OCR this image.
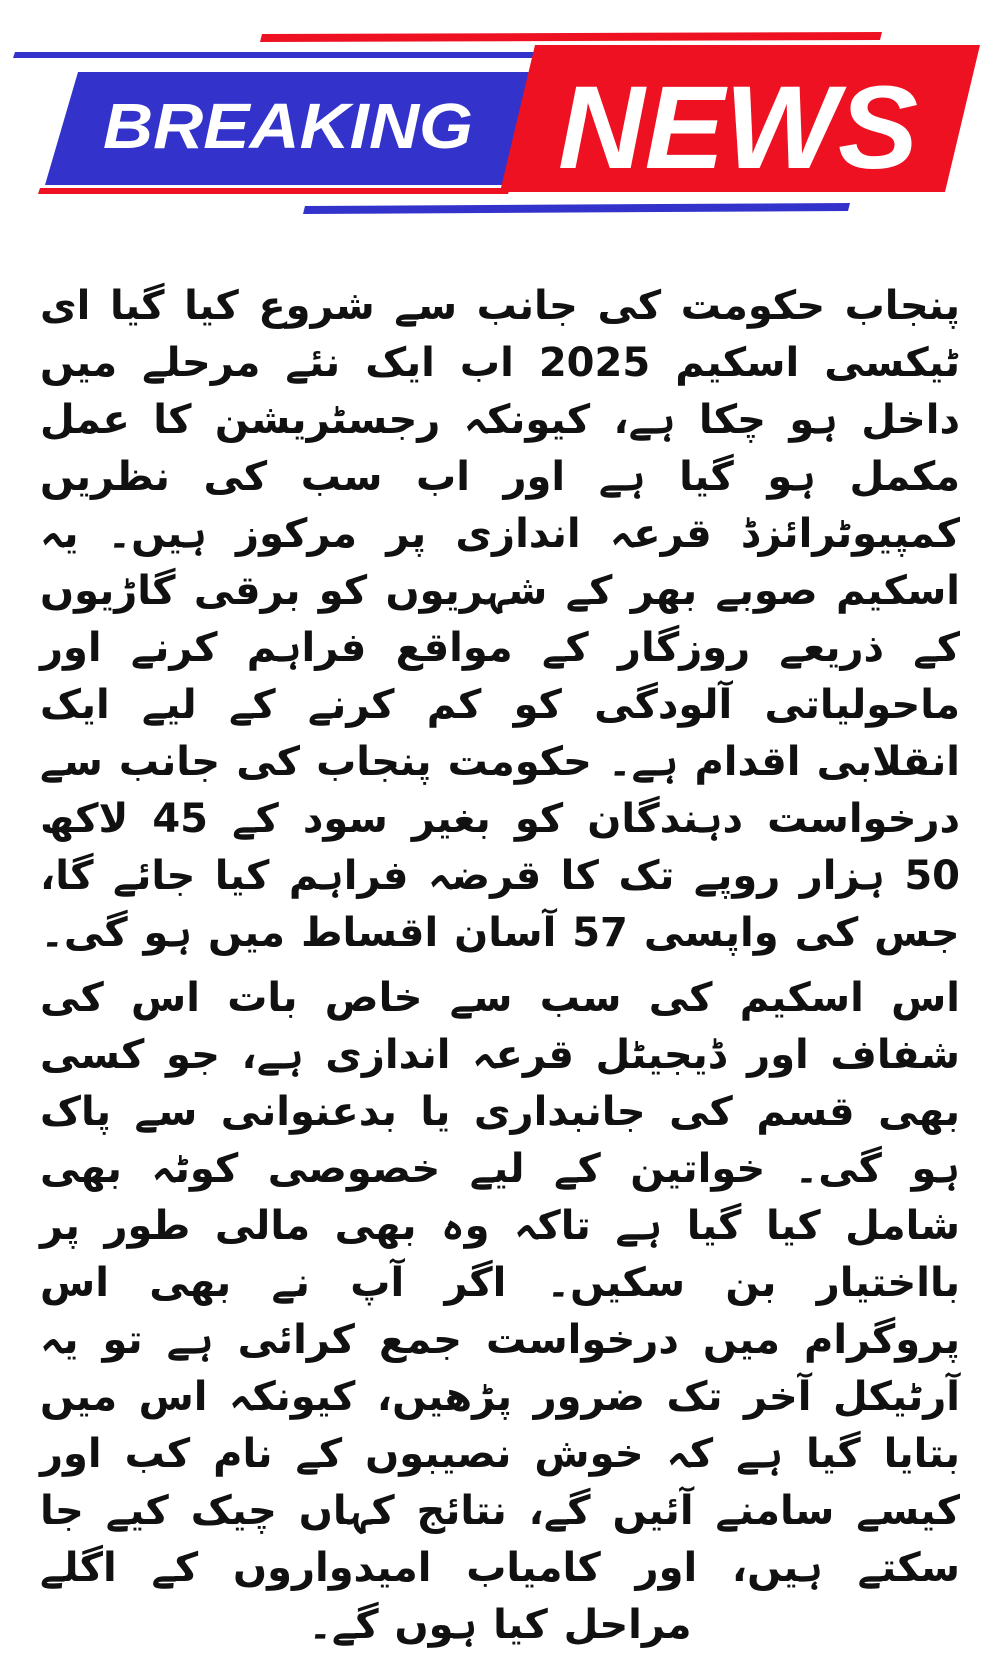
BREAKING NEWS

پنجاب حکومت کی جانب سے شروع کیا گیا ای ٹیکسی اسکیم 2025 اب ایک نئے مرحلے میں داخل ہو چکا ہے، کیونکہ رجسٹریشن کا عمل مکمل ہو گیا ہے اور اب سب کی نظریں کمپیوٹرائزڈ قرعہ اندازی پر مرکوز ہیں۔ یہ اسکیم صوبے بھر کے شہریوں کو برقی گاڑیوں کے ذریعے روزگار کے مواقع فراہم کرنے اور ماحولیاتی آلودگی کو کم کرنے کے لیے ایک انقلابی اقدام ہے۔ حکومت پنجاب کی جانب سے درخواست دہندگان کو بغیر سود کے 45 لاکھ 50 ہزار روپے تک کا قرضہ فراہم کیا جائے گا، جس کی واپسی 57 آسان اقساط میں ہو گی۔

اس اسکیم کی سب سے خاص بات اس کی شفاف اور ڈیجیٹل قرعہ اندازی ہے، جو کسی بھی قسم کی جانبداری یا بدعنوانی سے پاک ہو گی۔ خواتین کے لیے خصوصی کوٹہ بھی شامل کیا گیا ہے تاکہ وہ بھی مالی طور پر بااختیار بن سکیں۔ اگر آپ نے بھی اس پروگرام میں درخواست جمع کرائی ہے تو یہ آرٹیکل آخر تک ضرور پڑھیں، کیونکہ اس میں بتایا گیا ہے کہ خوش نصیبوں کے نام کب اور کیسے سامنے آئیں گے، نتائج کہاں چیک کیے جا سکتے ہیں، اور کامیاب امیدواروں کے اگلے مراحل کیا ہوں گے۔
